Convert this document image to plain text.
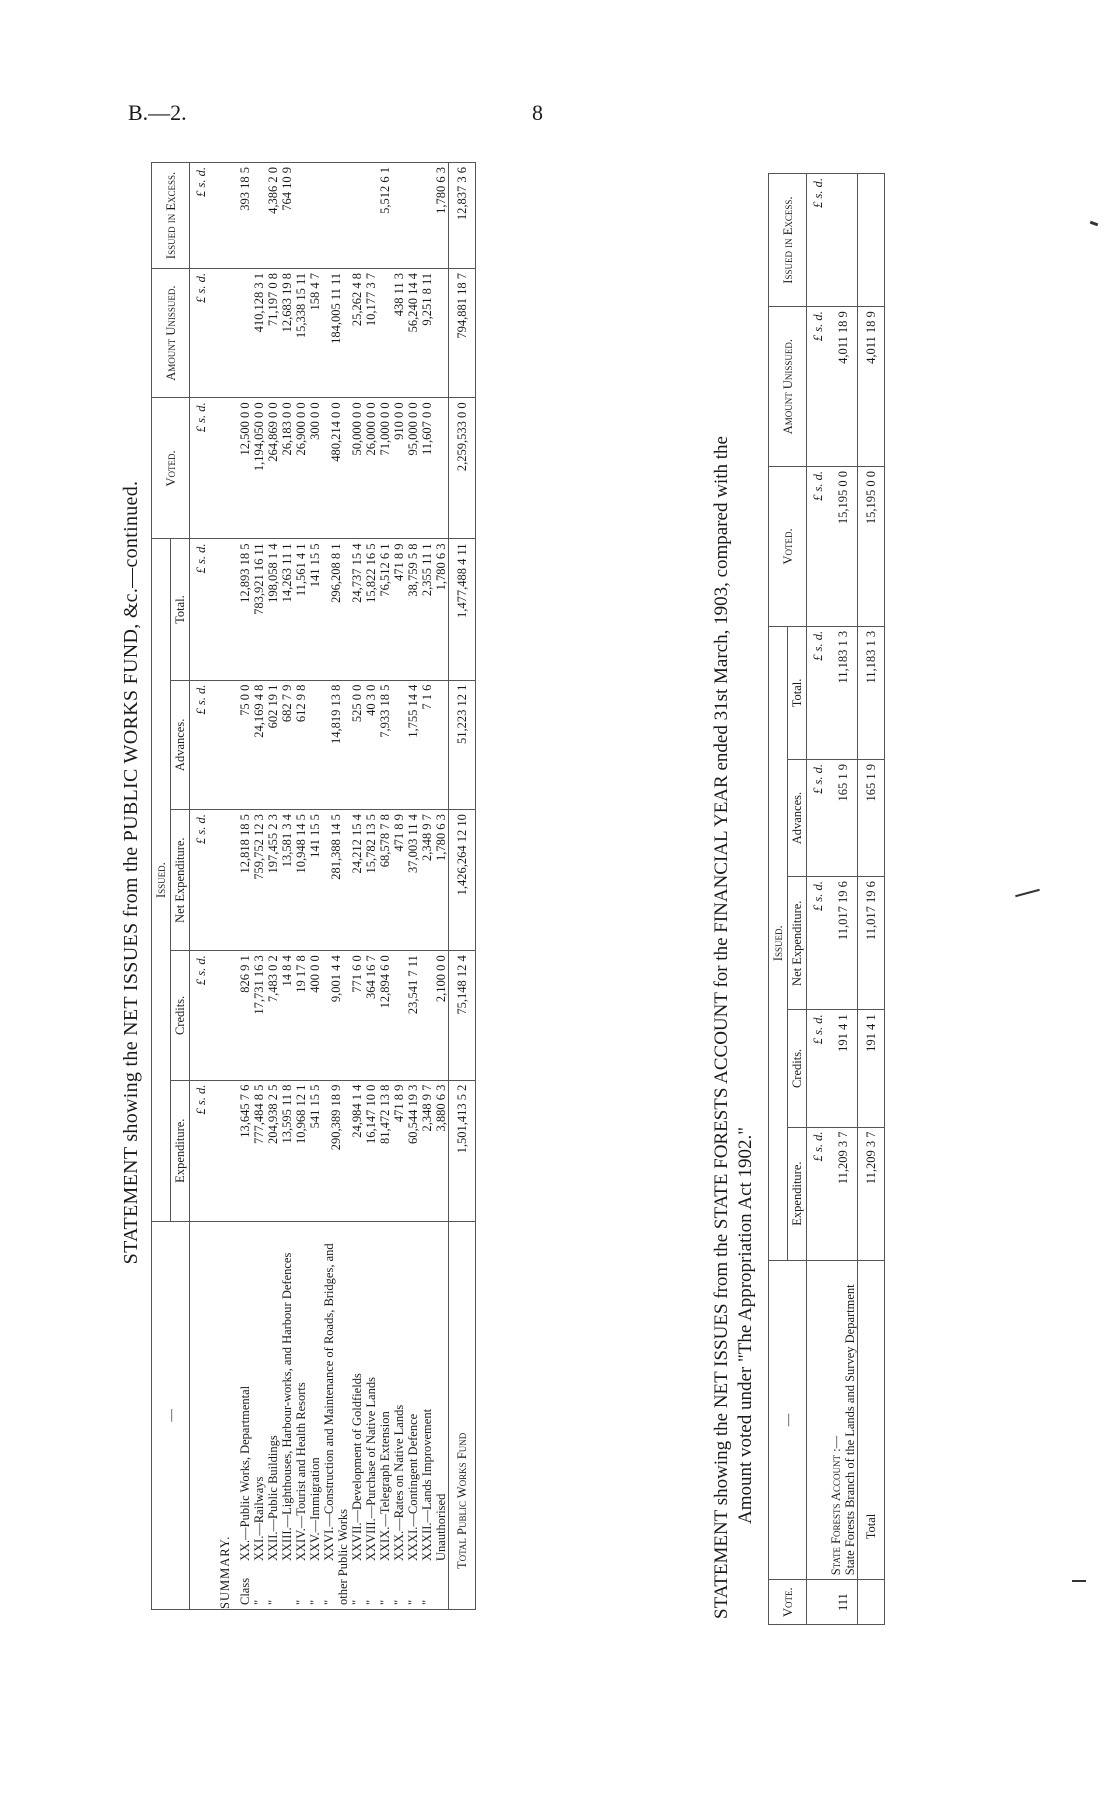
B.—2.	8
STATEMENT showing the NET ISSUES from the PUBLIC WORKS FUND, &c.—continued.
—	Issued.					Voted.	Amount Unissued.	Issued in Excess.
	Expenditure.	Credits.	Net Expenditure.	Advances.	Total.			
	£ s. d.	£ s. d.	£ s. d.	£ s. d.	£ s. d.	£ s. d.	£ s. d.	£ s. d.
SUMMARY.								
ClassXX.—Public Works, Departmental	13,645 7 6	826 9 1	12,818 18 5	75 0 0	12,893 18 5	12,500 0 0		393 18 5
"XXI.—Railways	777,484 8 5	17,731 16 3	759,752 12 3	24,169 4 8	783,921 16 11	1,194,050 0 0	410,128 3 1	
"XXII.—Public Buildings	204,938 2 5	7,483 0 2	197,455 2 3	602 19 1	198,058 1 4	264,869 0 0	71,197 0 8	4,386 2 0
XXIII.—Lighthouses, Harbour-works, and Harbour Defences	13,595 11 8	14 8 4	13,581 3 4	682 7 9	14,263 11 1	26,183 0 0	12,683 19 8	764 10 9
"XXIV.—Tourist and Health Resorts	10,968 12 1	19 17 8	10,948 14 5	612 9 8	11,561 4 1	26,900 0 0	15,338 15 11	
"XXV.—Immigration	541 15 5	400 0 0	141 15 5		141 15 5	300 0 0	158 4 7	
"XXVI.—Construction and Maintenance of Roads, Bridges, and other Public Works	290,389 18 9	9,001 4 4	281,388 14 5	14,819 13 8	296,208 8 1	480,214 0 0	184,005 11 11	
"XXVII.—Development of Goldfields	24,984 1 4	771 6 0	24,212 15 4	525 0 0	24,737 15 4	50,000 0 0	25,262 4 8	
"XXVIII.—Purchase of Native Lands	16,147 10 0	364 16 7	15,782 13 5	40 3 0	15,822 16 5	26,000 0 0	10,177 3 7	
"XXIX.—Telegraph Extension	81,472 13 8	12,894 6 0	68,578 7 8	7,933 18 5	76,512 6 1	71,000 0 0		5,512 6 1
"XXX.—Rates on Native Lands	471 8 9		471 8 9		471 8 9	910 0 0	438 11 3	
"XXXI.—Contingent Defence	60,544 19 3	23,541 7 11	37,003 11 4	1,755 14 4	38,759 5 8	95,000 0 0	56,240 14 4	
"XXXII.—Lands Improvement	2,348 9 7		2,348 9 7	7 1 6	2,355 11 1	11,607 0 0	9,251 8 11	
Unauthorised	3,880 6 3	2,100 0 0	1,780 6 3		1,780 6 3			1,780 6 3
Total Public Works Fund	1,501,413 5 2	75,148 12 4	1,426,264 12 10	51,223 12 1	1,477,488 4 11	2,259,533 0 0	794,881 18 7	12,837 3 6
STATEMENT showing the NET ISSUES from the STATE FORESTS ACCOUNT for the FINANCIAL YEAR ended 31st March, 1903, compared with the Amount voted under "The Appropriation Act 1902."
Vote.	—	Issued.					Voted.	Amount Unissued.	Issued in Excess.
		Expenditure.	Credits.	Net Expenditure.	Advances.	Total.			
		£ s. d.	£ s. d.	£ s. d.	£ s. d.	£ s. d.	£ s. d.	£ s. d.	£ s. d.
111	State Forests Account :—
State Forests Branch of the Lands and Survey Department	11,209 3 7	191 4 1	11,017 19 6	165 1 9	11,183 1 3	15,195 0 0	4,011 18 9	
	Total	11,209 3 7	191 4 1	11,017 19 6	165 1 9	11,183 1 3	15,195 0 0	4,011 18 9	
